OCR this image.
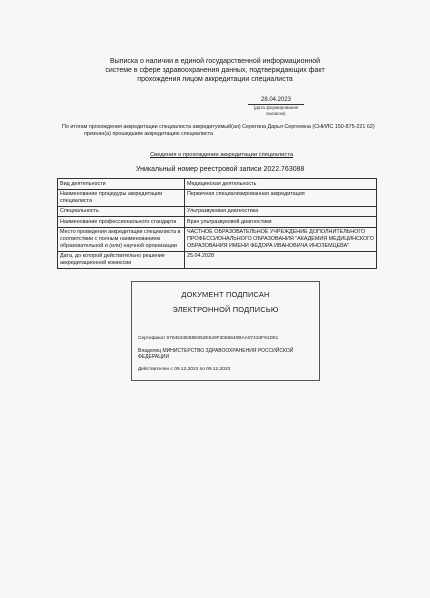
Выписка о наличии в единой государственной информационной
системе в сфере здравоохранения данных, подтверждающих факт
прохождения лицом аккредитации специалиста
28.04.2023
(дата формирования выписки)
По итогам прохождения аккредитации специалиста аккредитуемый(ая) Серегина Дарья Сергеевна (СНИЛС 150-875-221 62)
признан(а) прошедшим аккредитацию специалиста
Сведения о прохождении аккредитации специалиста
Уникальный номер реестровой записи 2022.763088
Вид деятельности	Медицинская деятельность
Наименование процедуры аккредитации специалиста	Первичная специализированная аккредитация
Специальность	Ультразвуковая диагностика
Наименование профессионального стандарта	Врач ультразвуковой диагностики
Место проведения аккредитации специалиста в соответствии с полным наименованием образовательной и (или) научной организации	ЧАСТНОЕ ОБРАЗОВАТЕЛЬНОЕ УЧРЕЖДЕНИЕ ДОПОЛНИТЕЛЬНОГО ПРОФЕССИОНАЛЬНОГО ОБРАЗОВАНИЯ "АКАДЕМИЯ МЕДИЦИНСКОГО ОБРАЗОВАНИЯ ИМЕНИ ФЕДОРА ИВАНОВИЧА ИНОЗЕМЦЕВА"
Дата, до которой действительно решение аккредитационной комиссии	25.04.2028
ДОКУМЕНТ ПОДПИСАН
ЭЛЕКТРОННОЙ ПОДПИСЬЮ
Сертификат 9794534EB6E852E549F3066640BAA07434F91D81
Владелец МИНИСТЕРСТВО ЗДРАВООХРАНЕНИЯ РОССИЙСКОЙ ФЕДЕРАЦИИ
Действителен с 09.12.2022 по 09.12.2023
